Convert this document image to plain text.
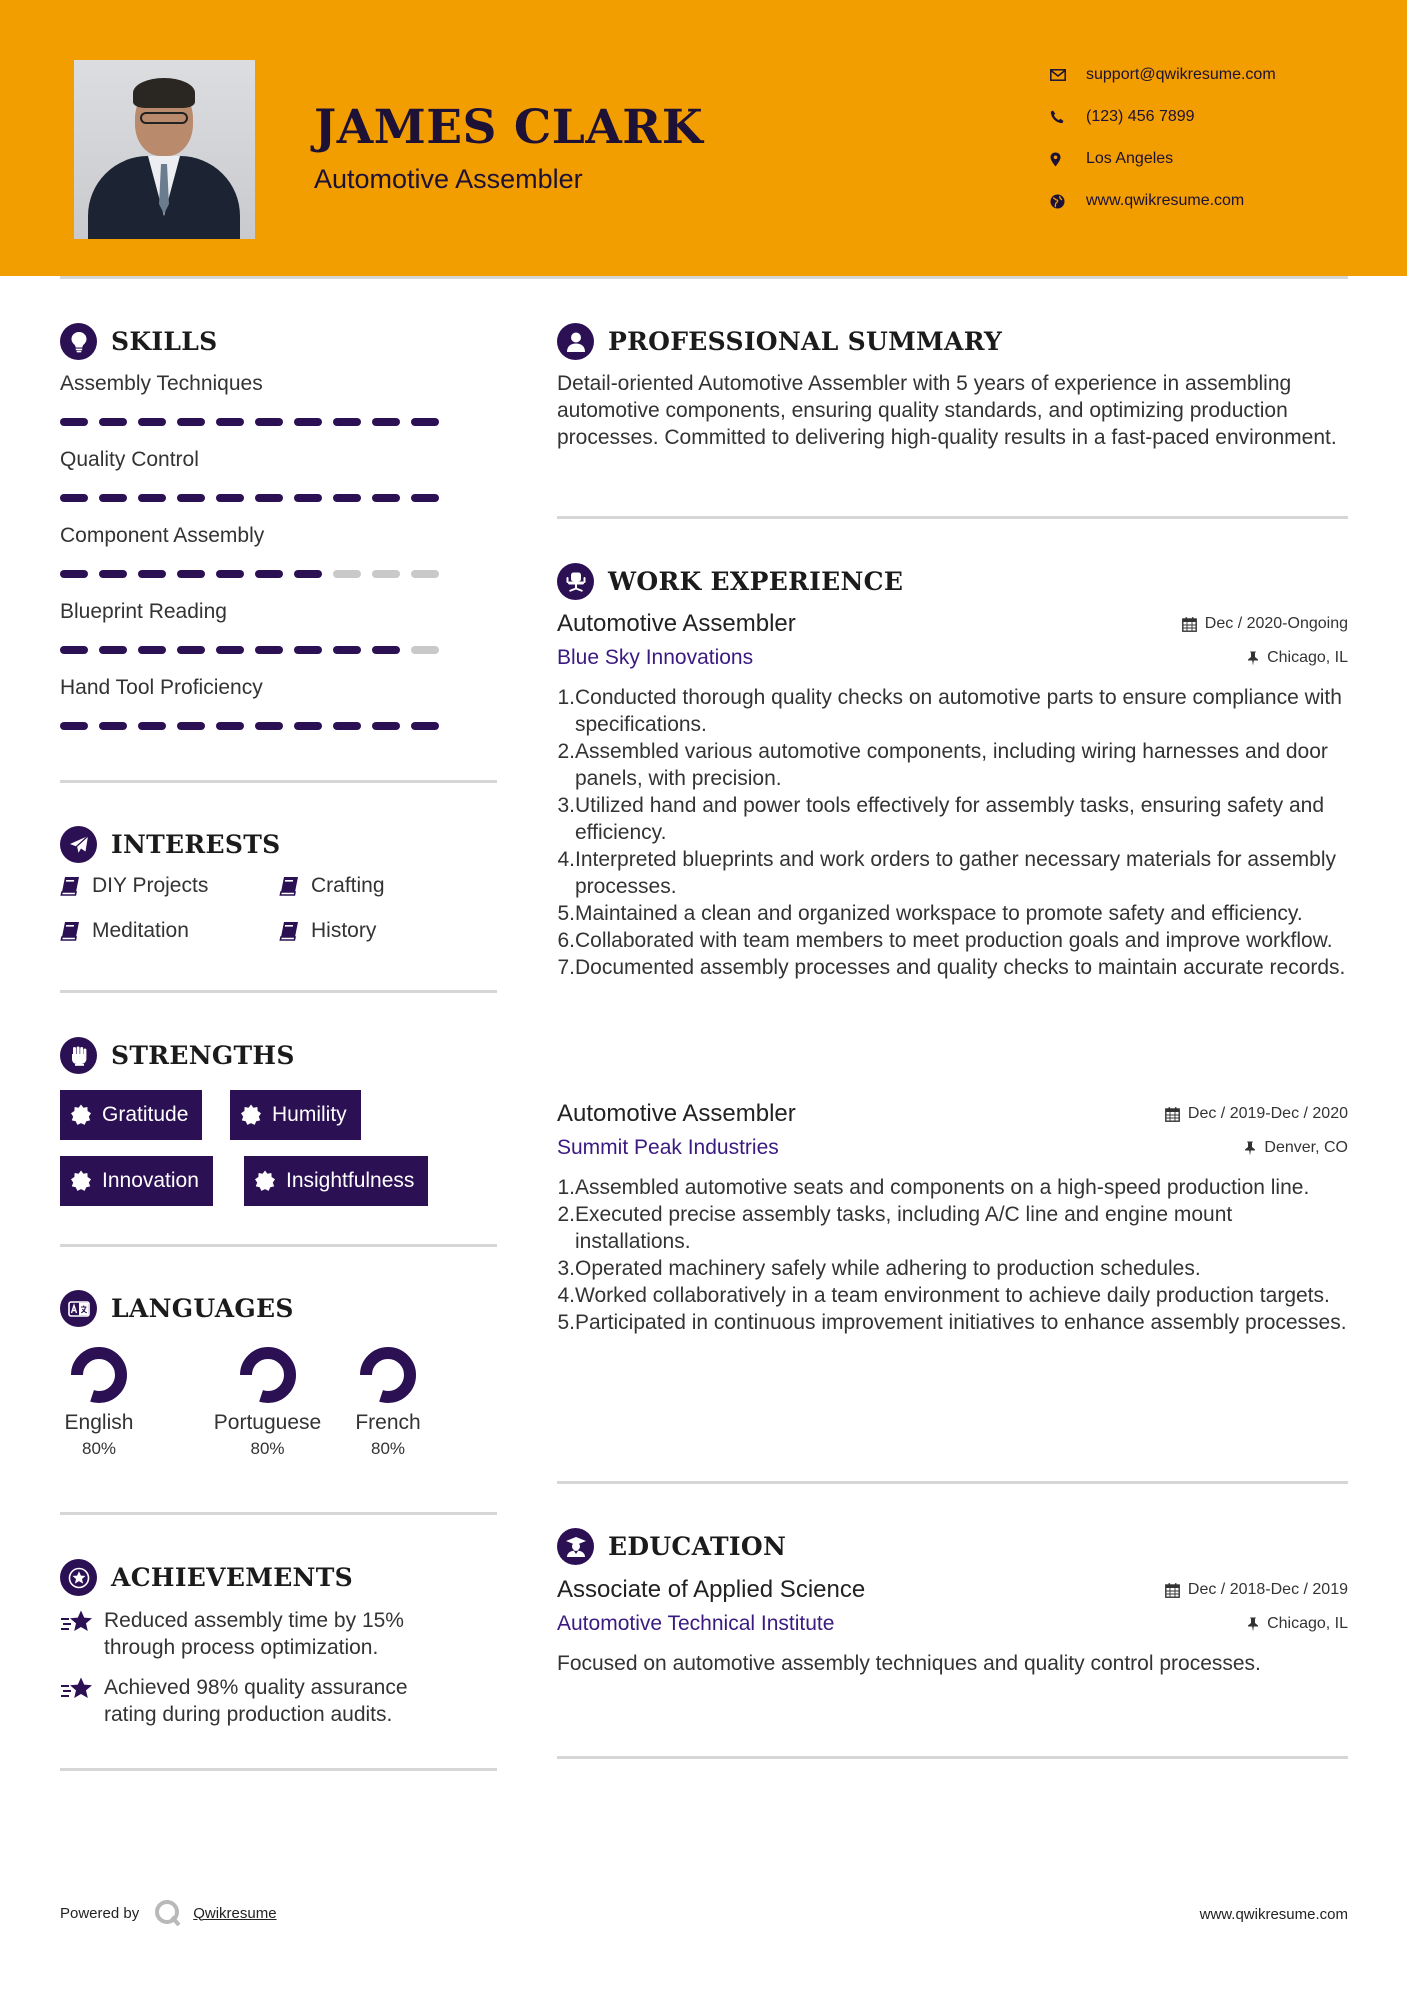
JAMES CLARK
Automotive Assembler
support@qwikresume.com
(123) 456 7899
Los Angeles
www.qwikresume.com
SKILLS
Assembly Techniques
Quality Control
Component Assembly
Blueprint Reading
Hand Tool Proficiency
INTERESTS
DIY Projects	Crafting
Meditation	History
STRENGTHS
Gratitude	Humility
Innovation	Insightfulness
LANGUAGES
English
80%
Portuguese
80%
French
80%
ACHIEVEMENTS
Reduced assembly time by 15% through process optimization.
Achieved 98% quality assurance rating during production audits.
PROFESSIONAL SUMMARY
Detail-oriented Automotive Assembler with 5 years of experience in assembling automotive components, ensuring quality standards, and optimizing production processes. Committed to delivering high-quality results in a fast-paced environment.
WORK EXPERIENCE
Automotive Assembler	Dec / 2020-Ongoing
Blue Sky Innovations	Chicago, IL
1. Conducted thorough quality checks on automotive parts to ensure compliance with specifications.
2. Assembled various automotive components, including wiring harnesses and door panels, with precision.
3. Utilized hand and power tools effectively for assembly tasks, ensuring safety and efficiency.
4. Interpreted blueprints and work orders to gather necessary materials for assembly processes.
5. Maintained a clean and organized workspace to promote safety and efficiency.
6. Collaborated with team members to meet production goals and improve workflow.
7. Documented assembly processes and quality checks to maintain accurate records.
Automotive Assembler	Dec / 2019-Dec / 2020
Summit Peak Industries	Denver, CO
1. Assembled automotive seats and components on a high-speed production line.
2. Executed precise assembly tasks, including A/C line and engine mount installations.
3. Operated machinery safely while adhering to production schedules.
4. Worked collaboratively in a team environment to achieve daily production targets.
5. Participated in continuous improvement initiatives to enhance assembly processes.
EDUCATION
Associate of Applied Science	Dec / 2018-Dec / 2019
Automotive Technical Institute	Chicago, IL
Focused on automotive assembly techniques and quality control processes.
Powered by	Qwikresume	www.qwikresume.com
